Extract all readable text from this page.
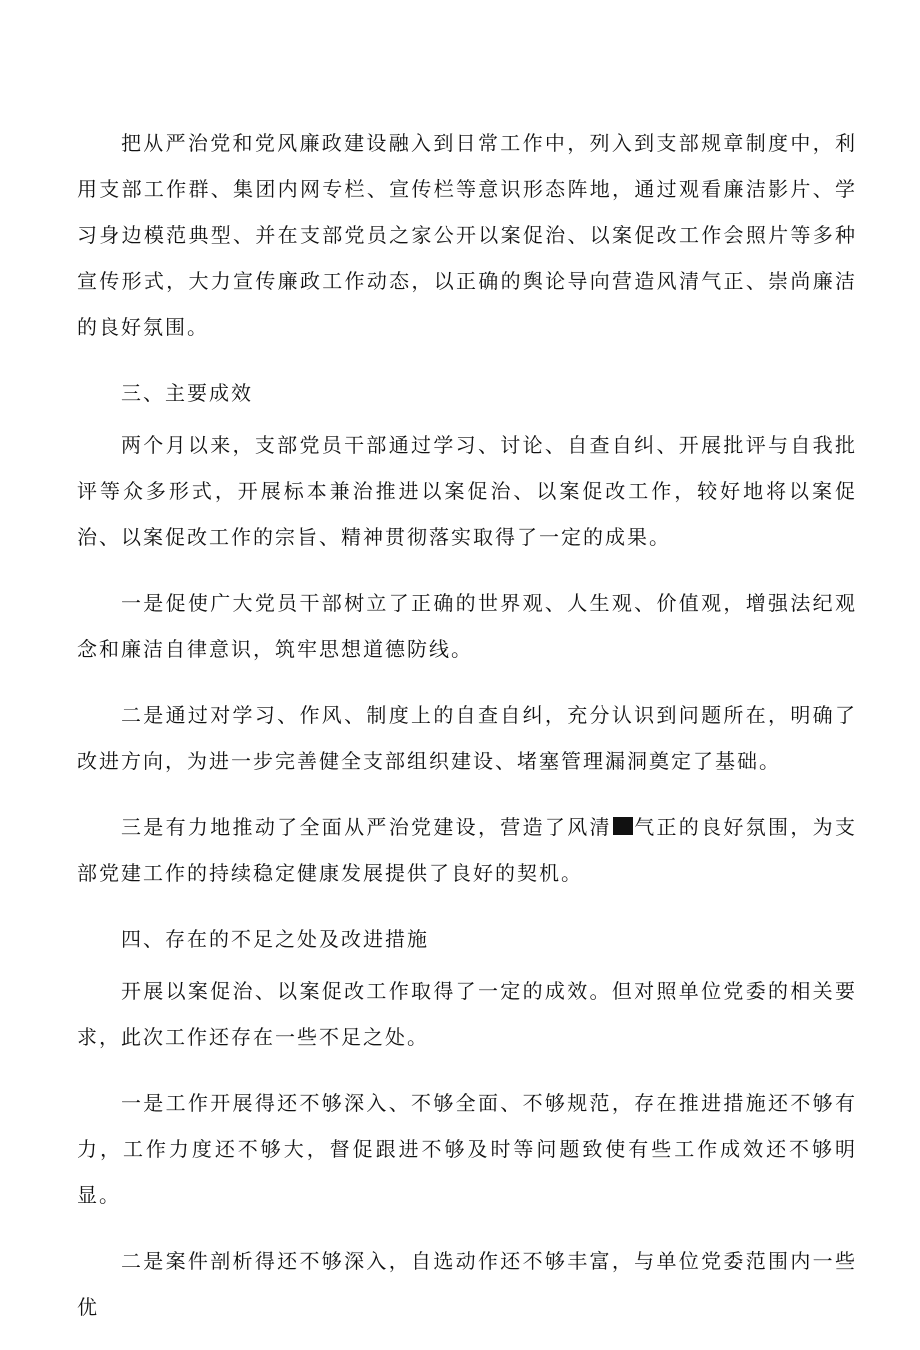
把从严治党和党风廉政建设融入到日常工作中，列入到支部规章制度中，利用支部工作群、集团内网专栏、宣传栏等意识形态阵地，通过观看廉洁影片、学习身边模范典型、并在支部党员之家公开以案促治、以案促改工作会照片等多种宣传形式，大力宣传廉政工作动态，以正确的舆论导向营造风清气正、崇尚廉洁的良好氛围。

三、主要成效

两个月以来，支部党员干部通过学习、讨论、自查自纠、开展批评与自我批评等众多形式，开展标本兼治推进以案促治、以案促改工作，较好地将以案促治、以案促改工作的宗旨、精神贯彻落实取得了一定的成果。

一是促使广大党员干部树立了正确的世界观、人生观、价值观，增强法纪观念和廉洁自律意识，筑牢思想道德防线。

二是通过对学习、作风、制度上的自查自纠，充分认识到问题所在，明确了改进方向，为进一步完善健全支部组织建设、堵塞管理漏洞奠定了基础。

三是有力地推动了全面从严治党建设，营造了风清 气正的良好氛围，为支部党建工作的持续稳定健康发展提供了良好的契机。

四、存在的不足之处及改进措施

开展以案促治、以案促改工作取得了一定的成效。但对照单位党委的相关要求，此次工作还存在一些不足之处。

一是工作开展得还不够深入、不够全面、不够规范，存在推进措施还不够有力，工作力度还不够大，督促跟进不够及时等问题致使有些工作成效还不够明显。

二是案件剖析得还不够深入，自选动作还不够丰富，与单位党委范围内一些优
